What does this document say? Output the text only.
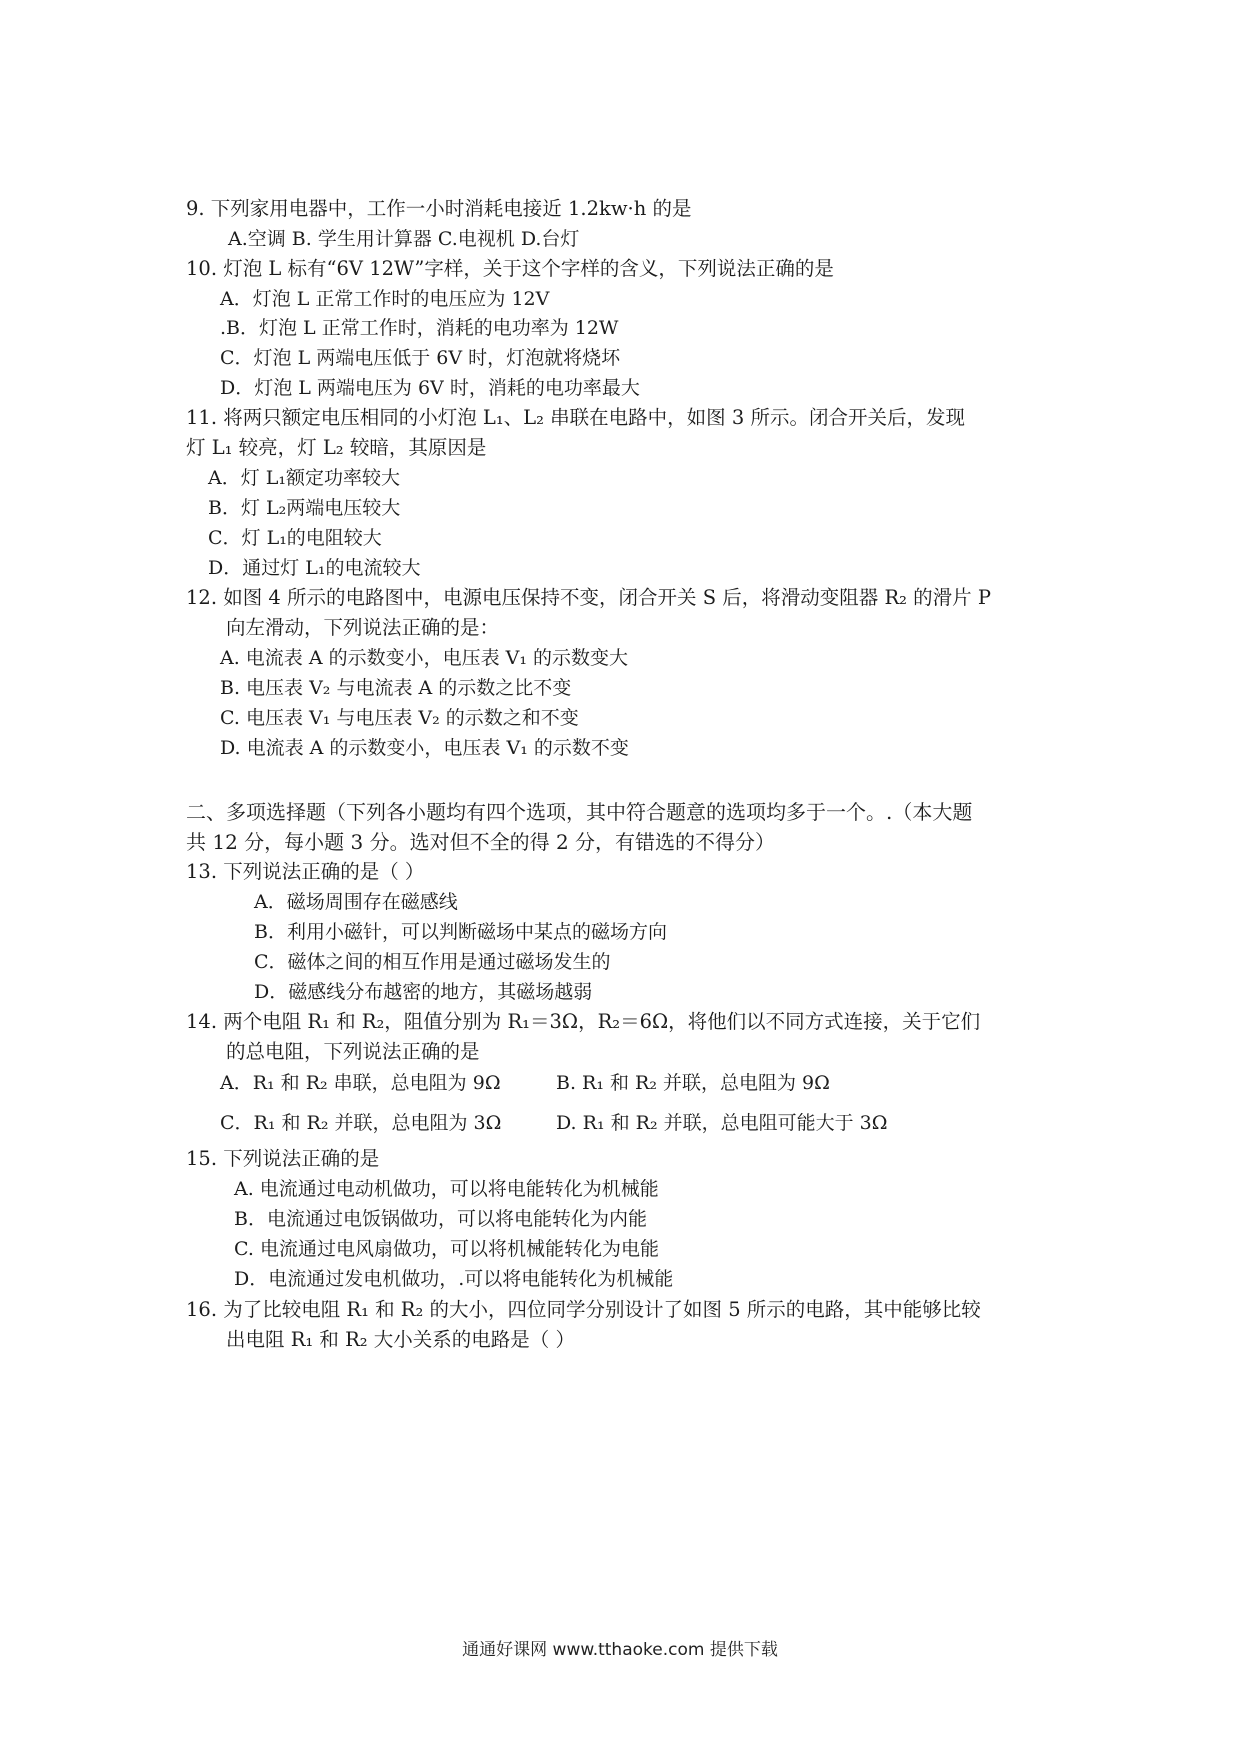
9. 下列家用电器中，工作一小时消耗电接近 1.2kw·h 的是
A.空调 B. 学生用计算器 C.电视机 D.台灯
10. 灯泡 L 标有“6V 12W”字样，关于这个字样的含义，下列说法正确的是
A．灯泡 L 正常工作时的电压应为 12V
.B．灯泡 L 正常工作时，消耗的电功率为 12W
C．灯泡 L 两端电压低于 6V 时，灯泡就将烧坏
D．灯泡 L 两端电压为 6V 时，消耗的电功率最大
11. 将两只额定电压相同的小灯泡 L₁、L₂ 串联在电路中，如图 3 所示。闭合开关后，发现
灯 L₁ 较亮，灯 L₂ 较暗，其原因是
A．灯 L₁额定功率较大
B．灯 L₂两端电压较大
C．灯 L₁的电阻较大
D．通过灯 L₁的电流较大
12. 如图 4 所示的电路图中，电源电压保持不变，闭合开关 S 后，将滑动变阻器 R₂ 的滑片 P
向左滑动，下列说法正确的是：
A. 电流表 A 的示数变小，电压表 V₁ 的示数变大
B. 电压表 V₂ 与电流表 A 的示数之比不变
C. 电压表 V₁ 与电压表 V₂ 的示数之和不变
D. 电流表 A 的示数变小，电压表 V₁ 的示数不变
二、多项选择题（下列各小题均有四个选项，其中符合题意的选项均多于一个。.（本大题
共 12 分，每小题 3 分。选对但不全的得 2 分，有错选的不得分）
13. 下列说法正确的是（ ）
A．磁场周围存在磁感线
B．利用小磁针，可以判断磁场中某点的磁场方向
C．磁体之间的相互作用是通过磁场发生的
D．磁感线分布越密的地方，其磁场越弱
14. 两个电阻 R₁ 和 R₂，阻值分别为 R₁＝3Ω，R₂＝6Ω，将他们以不同方式连接，关于它们
的总电阻，下列说法正确的是
A．R₁ 和 R₂ 串联，总电阻为 9Ω	B. R₁ 和 R₂ 并联，总电阻为 9Ω
C．R₁ 和 R₂ 并联，总电阻为 3Ω	D. R₁ 和 R₂ 并联，总电阻可能大于 3Ω
15. 下列说法正确的是
A. 电流通过电动机做功，可以将电能转化为机械能
B．电流通过电饭锅做功，可以将电能转化为内能
C. 电流通过电风扇做功，可以将机械能转化为电能
D．电流通过发电机做功，.可以将电能转化为机械能
16. 为了比较电阻 R₁ 和 R₂ 的大小，四位同学分别设计了如图 5 所示的电路，其中能够比较
出电阻 R₁ 和 R₂ 大小关系的电路是（ ）
通通好课网 www.tthaoke.com 提供下载
